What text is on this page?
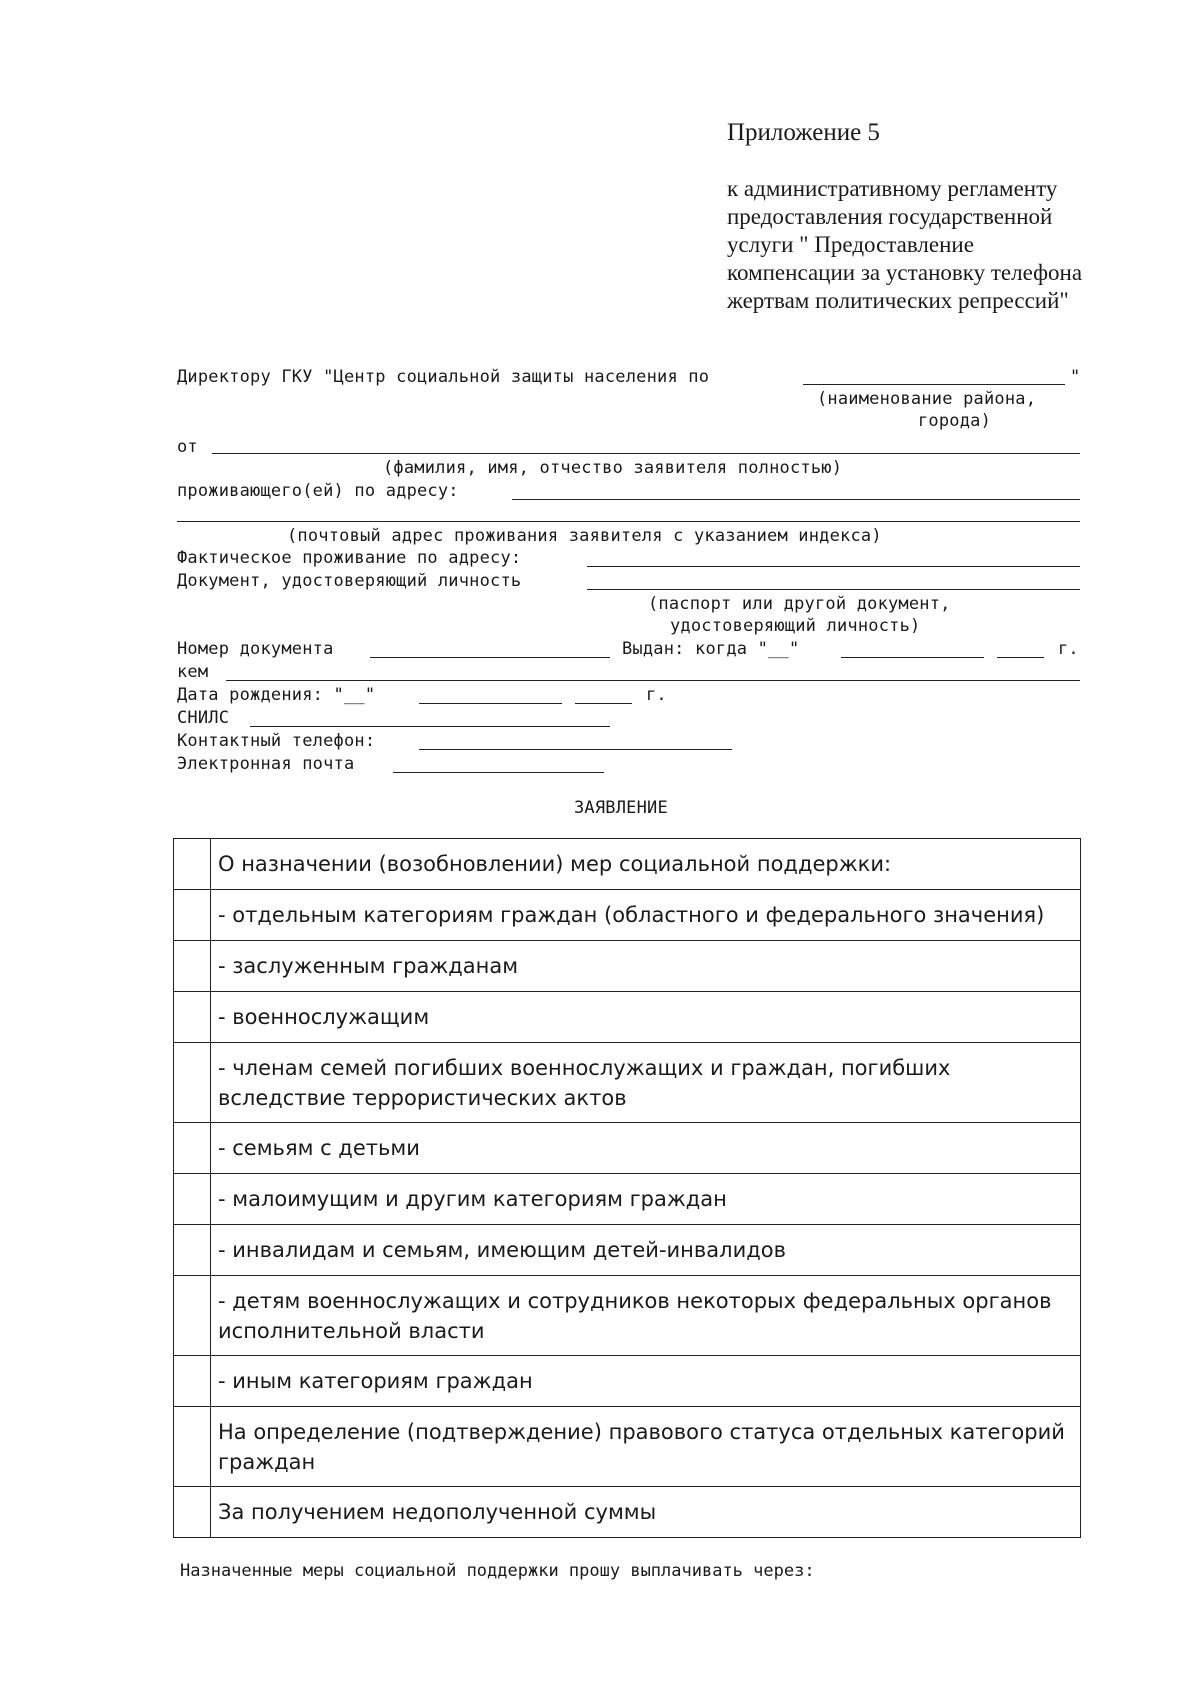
Приложение 5
к административному регламенту
предоставления государственной
услуги " Предоставление
компенсации за установку телефона
жертвам политических репрессий"
Директору ГКУ "Центр социальной защиты населения по	"
(наименование района,
города)
от
(фамилия, имя, отчество заявителя полностью)
проживающего(ей) по адресу:
(почтовый адрес проживания заявителя с указанием индекса)
Фактическое проживание по адресу:
Документ, удостоверяющий личность
(паспорт или другой документ,
удостоверяющий личность)
Номер документа	Выдан: когда "__"	г.
кем
Дата рождения: "__"	г.
СНИЛС
Контактный телефон:
Электронная почта
ЗАЯВЛЕНИЕ
	О назначении (возобновлении) мер социальной поддержки:
	- отдельным категориям граждан (областного и федерального значения)
	- заслуженным гражданам
	- военнослужащим
	- членам семей погибших военнослужащих и граждан, погибших вследствие террористических актов
	- семьям с детьми
	- малоимущим и другим категориям граждан
	- инвалидам и семьям, имеющим детей-инвалидов
	- детям военнослужащих и сотрудников некоторых федеральных органов исполнительной власти
	- иным категориям граждан
	На определение (подтверждение) правового статуса отдельных категорий граждан
	За получением недополученной суммы
Назначенные меры социальной поддержки прошу выплачивать через:
